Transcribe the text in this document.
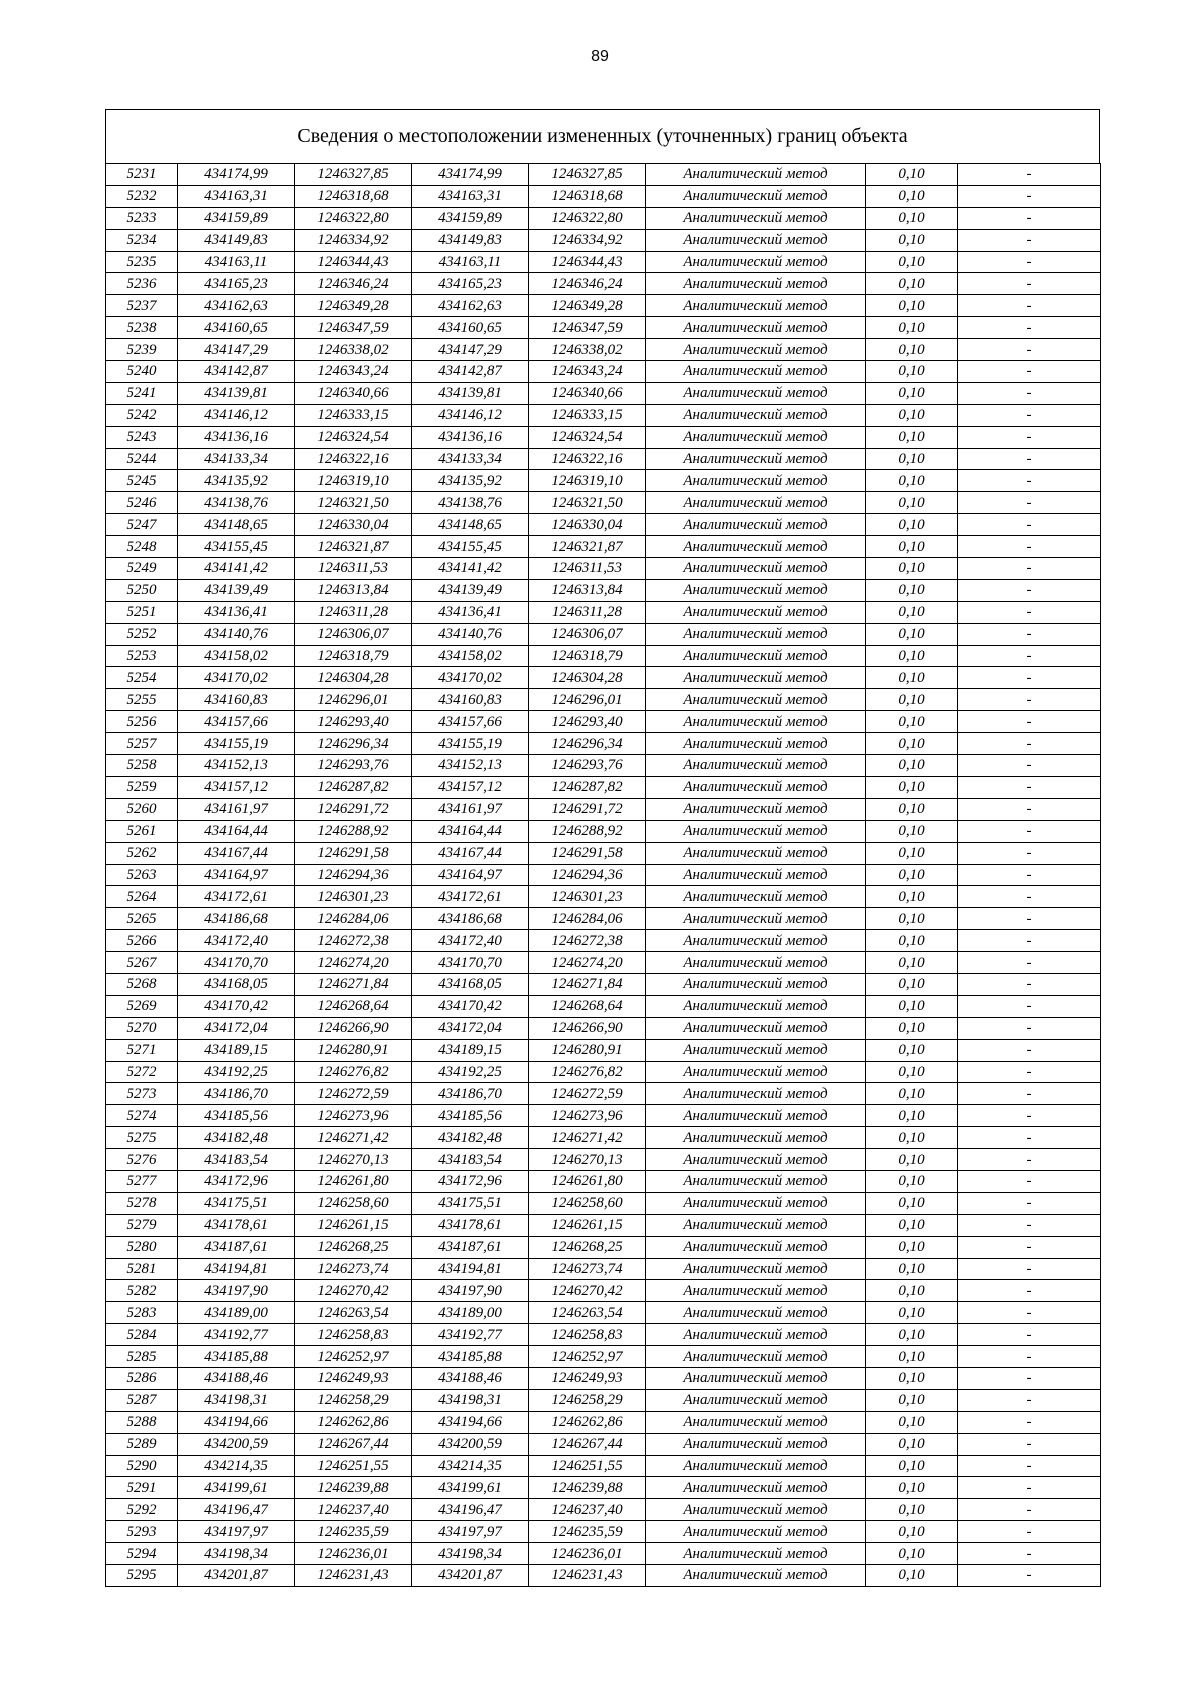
89
Сведения о местоположении измененных (уточненных) границ объекта
5231	434174,99	1246327,85	434174,99	1246327,85	Аналитический метод	0,10	-
5232	434163,31	1246318,68	434163,31	1246318,68	Аналитический метод	0,10	-
5233	434159,89	1246322,80	434159,89	1246322,80	Аналитический метод	0,10	-
5234	434149,83	1246334,92	434149,83	1246334,92	Аналитический метод	0,10	-
5235	434163,11	1246344,43	434163,11	1246344,43	Аналитический метод	0,10	-
5236	434165,23	1246346,24	434165,23	1246346,24	Аналитический метод	0,10	-
5237	434162,63	1246349,28	434162,63	1246349,28	Аналитический метод	0,10	-
5238	434160,65	1246347,59	434160,65	1246347,59	Аналитический метод	0,10	-
5239	434147,29	1246338,02	434147,29	1246338,02	Аналитический метод	0,10	-
5240	434142,87	1246343,24	434142,87	1246343,24	Аналитический метод	0,10	-
5241	434139,81	1246340,66	434139,81	1246340,66	Аналитический метод	0,10	-
5242	434146,12	1246333,15	434146,12	1246333,15	Аналитический метод	0,10	-
5243	434136,16	1246324,54	434136,16	1246324,54	Аналитический метод	0,10	-
5244	434133,34	1246322,16	434133,34	1246322,16	Аналитический метод	0,10	-
5245	434135,92	1246319,10	434135,92	1246319,10	Аналитический метод	0,10	-
5246	434138,76	1246321,50	434138,76	1246321,50	Аналитический метод	0,10	-
5247	434148,65	1246330,04	434148,65	1246330,04	Аналитический метод	0,10	-
5248	434155,45	1246321,87	434155,45	1246321,87	Аналитический метод	0,10	-
5249	434141,42	1246311,53	434141,42	1246311,53	Аналитический метод	0,10	-
5250	434139,49	1246313,84	434139,49	1246313,84	Аналитический метод	0,10	-
5251	434136,41	1246311,28	434136,41	1246311,28	Аналитический метод	0,10	-
5252	434140,76	1246306,07	434140,76	1246306,07	Аналитический метод	0,10	-
5253	434158,02	1246318,79	434158,02	1246318,79	Аналитический метод	0,10	-
5254	434170,02	1246304,28	434170,02	1246304,28	Аналитический метод	0,10	-
5255	434160,83	1246296,01	434160,83	1246296,01	Аналитический метод	0,10	-
5256	434157,66	1246293,40	434157,66	1246293,40	Аналитический метод	0,10	-
5257	434155,19	1246296,34	434155,19	1246296,34	Аналитический метод	0,10	-
5258	434152,13	1246293,76	434152,13	1246293,76	Аналитический метод	0,10	-
5259	434157,12	1246287,82	434157,12	1246287,82	Аналитический метод	0,10	-
5260	434161,97	1246291,72	434161,97	1246291,72	Аналитический метод	0,10	-
5261	434164,44	1246288,92	434164,44	1246288,92	Аналитический метод	0,10	-
5262	434167,44	1246291,58	434167,44	1246291,58	Аналитический метод	0,10	-
5263	434164,97	1246294,36	434164,97	1246294,36	Аналитический метод	0,10	-
5264	434172,61	1246301,23	434172,61	1246301,23	Аналитический метод	0,10	-
5265	434186,68	1246284,06	434186,68	1246284,06	Аналитический метод	0,10	-
5266	434172,40	1246272,38	434172,40	1246272,38	Аналитический метод	0,10	-
5267	434170,70	1246274,20	434170,70	1246274,20	Аналитический метод	0,10	-
5268	434168,05	1246271,84	434168,05	1246271,84	Аналитический метод	0,10	-
5269	434170,42	1246268,64	434170,42	1246268,64	Аналитический метод	0,10	-
5270	434172,04	1246266,90	434172,04	1246266,90	Аналитический метод	0,10	-
5271	434189,15	1246280,91	434189,15	1246280,91	Аналитический метод	0,10	-
5272	434192,25	1246276,82	434192,25	1246276,82	Аналитический метод	0,10	-
5273	434186,70	1246272,59	434186,70	1246272,59	Аналитический метод	0,10	-
5274	434185,56	1246273,96	434185,56	1246273,96	Аналитический метод	0,10	-
5275	434182,48	1246271,42	434182,48	1246271,42	Аналитический метод	0,10	-
5276	434183,54	1246270,13	434183,54	1246270,13	Аналитический метод	0,10	-
5277	434172,96	1246261,80	434172,96	1246261,80	Аналитический метод	0,10	-
5278	434175,51	1246258,60	434175,51	1246258,60	Аналитический метод	0,10	-
5279	434178,61	1246261,15	434178,61	1246261,15	Аналитический метод	0,10	-
5280	434187,61	1246268,25	434187,61	1246268,25	Аналитический метод	0,10	-
5281	434194,81	1246273,74	434194,81	1246273,74	Аналитический метод	0,10	-
5282	434197,90	1246270,42	434197,90	1246270,42	Аналитический метод	0,10	-
5283	434189,00	1246263,54	434189,00	1246263,54	Аналитический метод	0,10	-
5284	434192,77	1246258,83	434192,77	1246258,83	Аналитический метод	0,10	-
5285	434185,88	1246252,97	434185,88	1246252,97	Аналитический метод	0,10	-
5286	434188,46	1246249,93	434188,46	1246249,93	Аналитический метод	0,10	-
5287	434198,31	1246258,29	434198,31	1246258,29	Аналитический метод	0,10	-
5288	434194,66	1246262,86	434194,66	1246262,86	Аналитический метод	0,10	-
5289	434200,59	1246267,44	434200,59	1246267,44	Аналитический метод	0,10	-
5290	434214,35	1246251,55	434214,35	1246251,55	Аналитический метод	0,10	-
5291	434199,61	1246239,88	434199,61	1246239,88	Аналитический метод	0,10	-
5292	434196,47	1246237,40	434196,47	1246237,40	Аналитический метод	0,10	-
5293	434197,97	1246235,59	434197,97	1246235,59	Аналитический метод	0,10	-
5294	434198,34	1246236,01	434198,34	1246236,01	Аналитический метод	0,10	-
5295	434201,87	1246231,43	434201,87	1246231,43	Аналитический метод	0,10	-
